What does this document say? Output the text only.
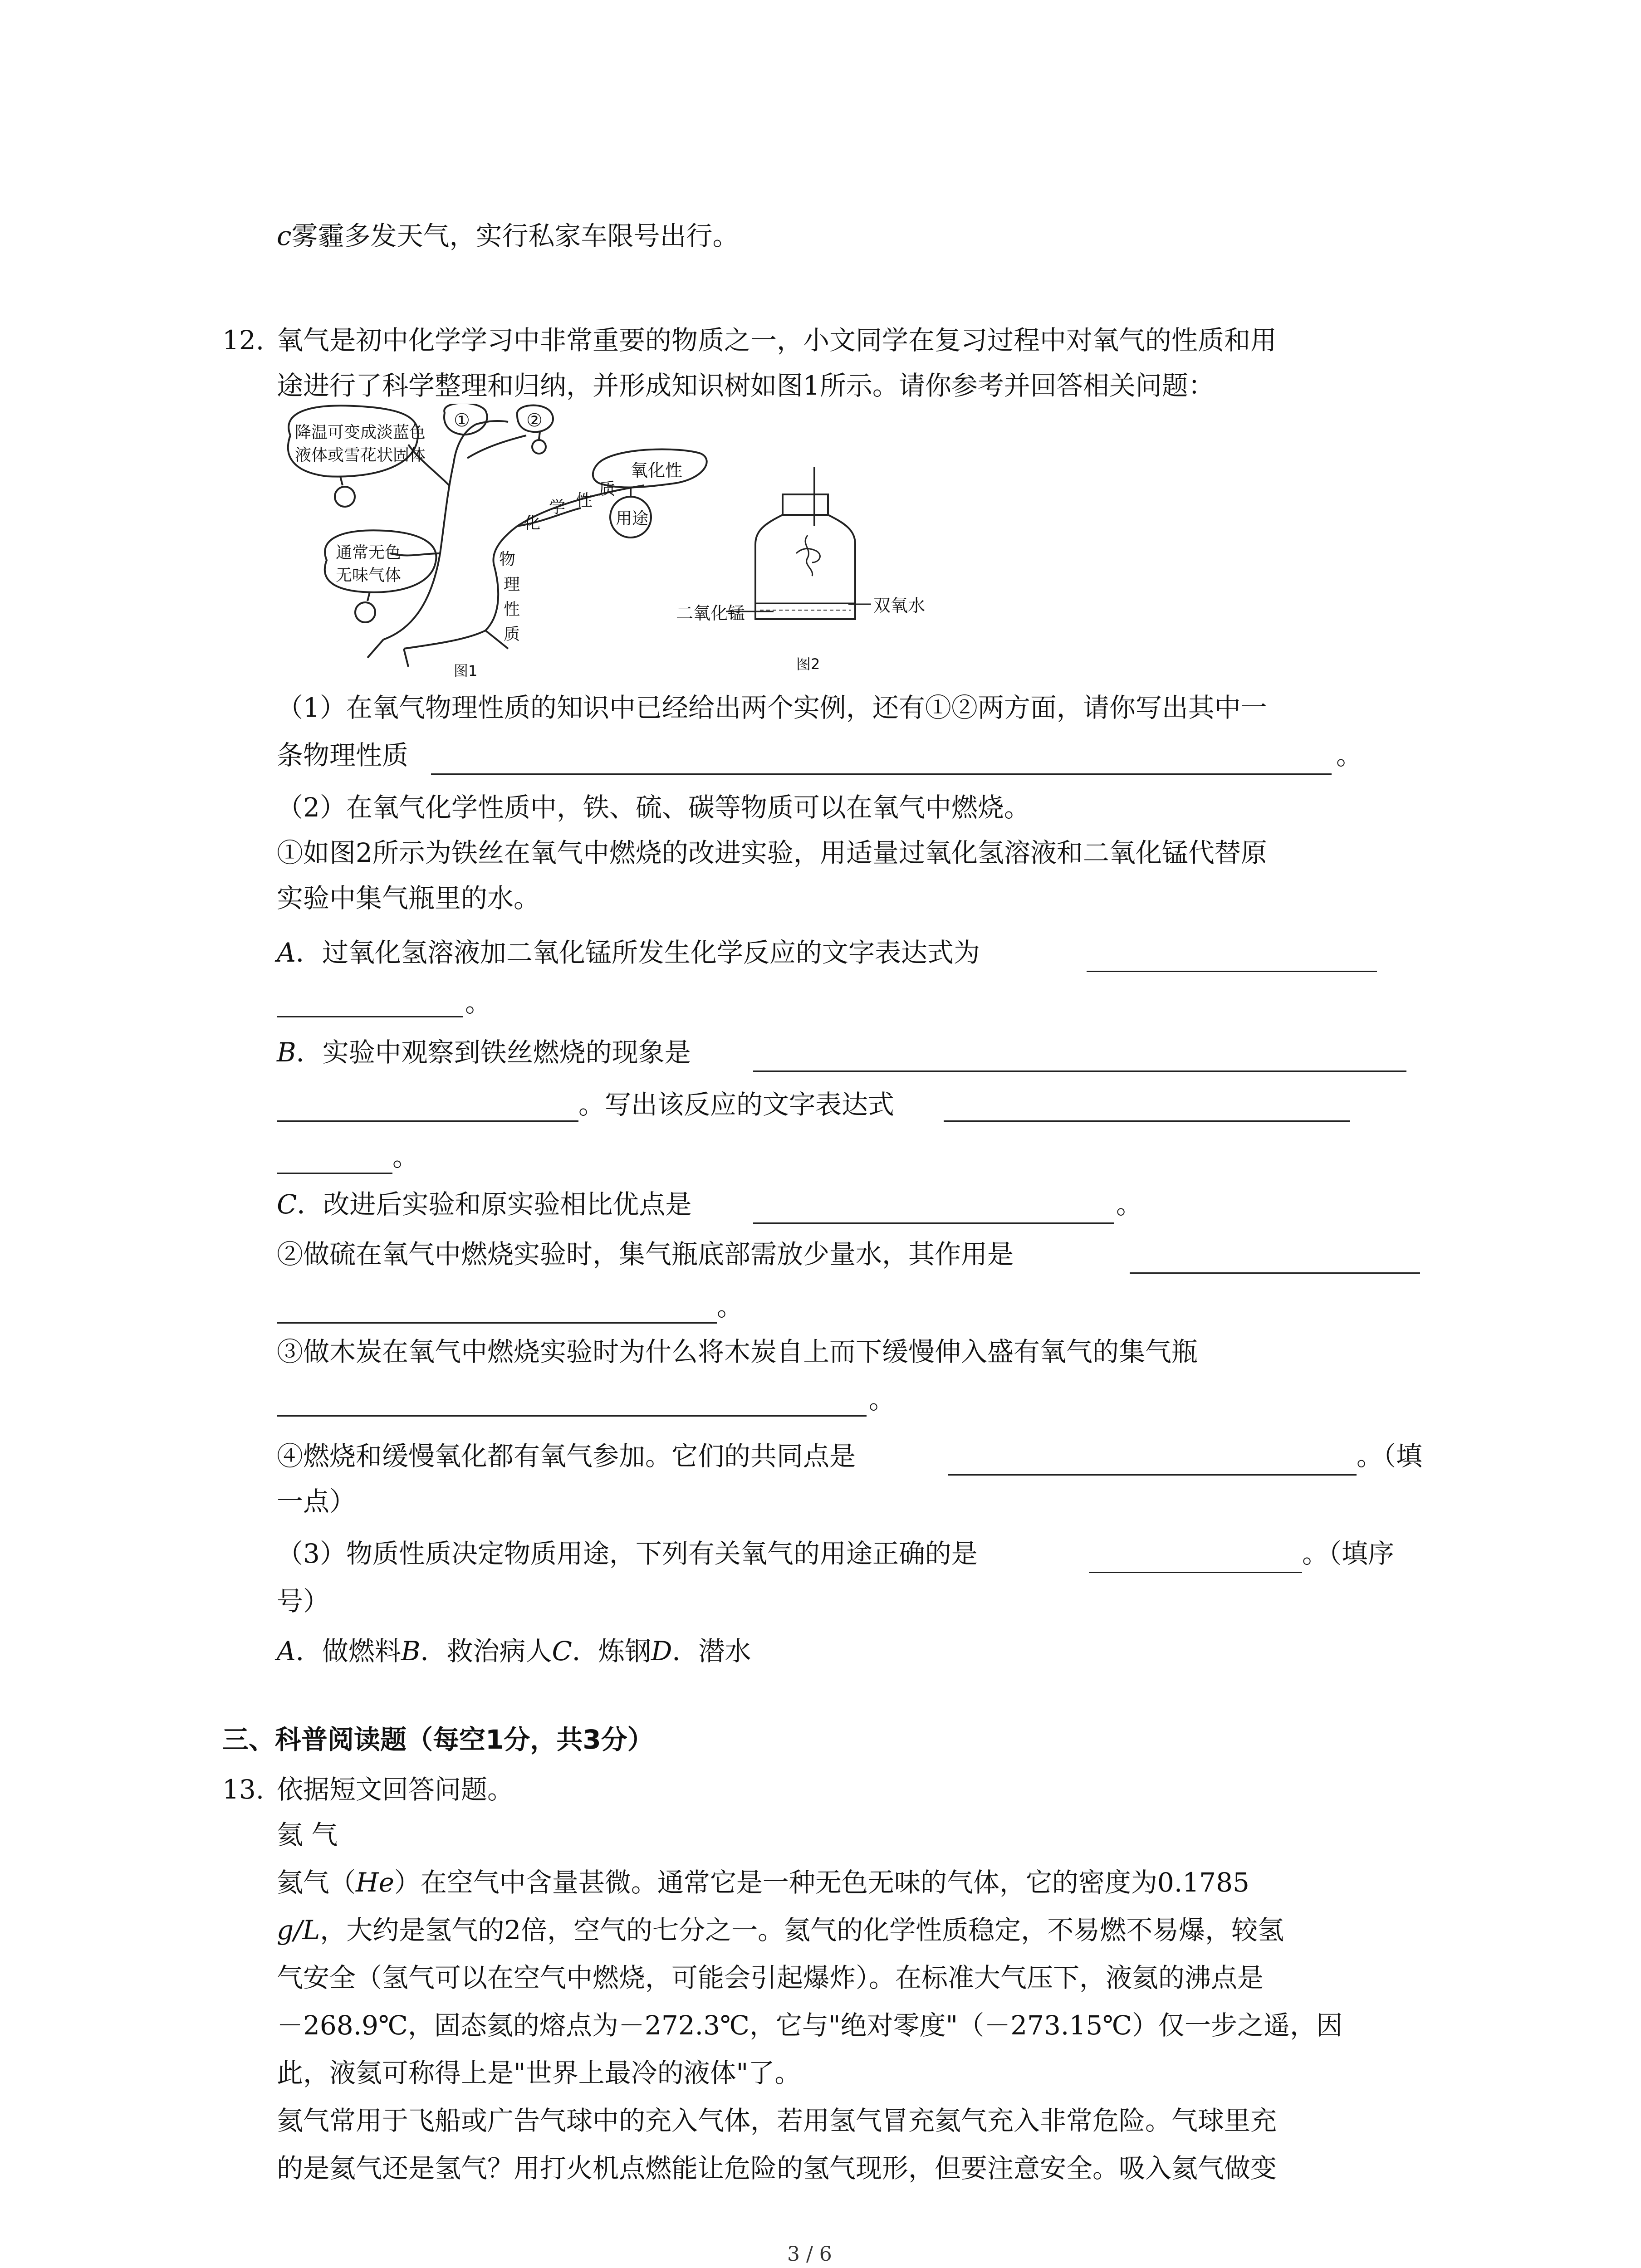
c雾霾多发天气，实行私家车限号出行。
12. 氧气是初中化学学习中非常重要的物质之一，小文同学在复习过程中对氧气的性质和用
途进行了科学整理和归纳，并形成知识树如图1所示。请你参考并回答相关问题：
①	②
降温可变成淡蓝色
液体或雪花状固体
氧化性
化
学 性
质
用途
通常无色
无味气体
物
理
性
质
图1
二氧化锰	双氧水
图2
（1）在氧气物理性质的知识中已经给出两个实例，还有①②两方面，请你写出其中一
条物理性质	。
（2）在氧气化学性质中，铁、硫、碳等物质可以在氧气中燃烧。
①如图2所示为铁丝在氧气中燃烧的改进实验，用适量过氧化氢溶液和二氧化锰代替原
实验中集气瓶里的水。
A．过氧化氢溶液加二氧化锰所发生化学反应的文字表达式为
。
B．实验中观察到铁丝燃烧的现象是
。写出该反应的文字表达式
。
C．改进后实验和原实验相比优点是	。
②做硫在氧气中燃烧实验时，集气瓶底部需放少量水，其作用是
。
③做木炭在氧气中燃烧实验时为什么将木炭自上而下缓慢伸入盛有氧气的集气瓶
。
④燃烧和缓慢氧化都有氧气参加。它们的共同点是	。（填
一点）
（3）物质性质决定物质用途，下列有关氧气的用途正确的是	。（填序
号）
A．做燃料B．救治病人C．炼钢D．潜水
三、科普阅读题（每空1分，共3分）
13. 依据短文回答问题。
氦 气
氦气（He）在空气中含量甚微。通常它是一种无色无味的气体，它的密度为0.1785
g/L，大约是氢气的2倍，空气的七分之一。氦气的化学性质稳定，不易燃不易爆，较氢
气安全（氢气可以在空气中燃烧，可能会引起爆炸）。在标准大气压下，液氦的沸点是
－268.9℃，固态氦的熔点为－272.3℃，它与"绝对零度"（－273.15℃）仅一步之遥，因
此，液氦可称得上是"世界上最冷的液体"了。
氦气常用于飞船或广告气球中的充入气体，若用氢气冒充氦气充入非常危险。气球里充
的是氦气还是氢气？用打火机点燃能让危险的氢气现形，但要注意安全。吸入氦气做变
3 / 6
